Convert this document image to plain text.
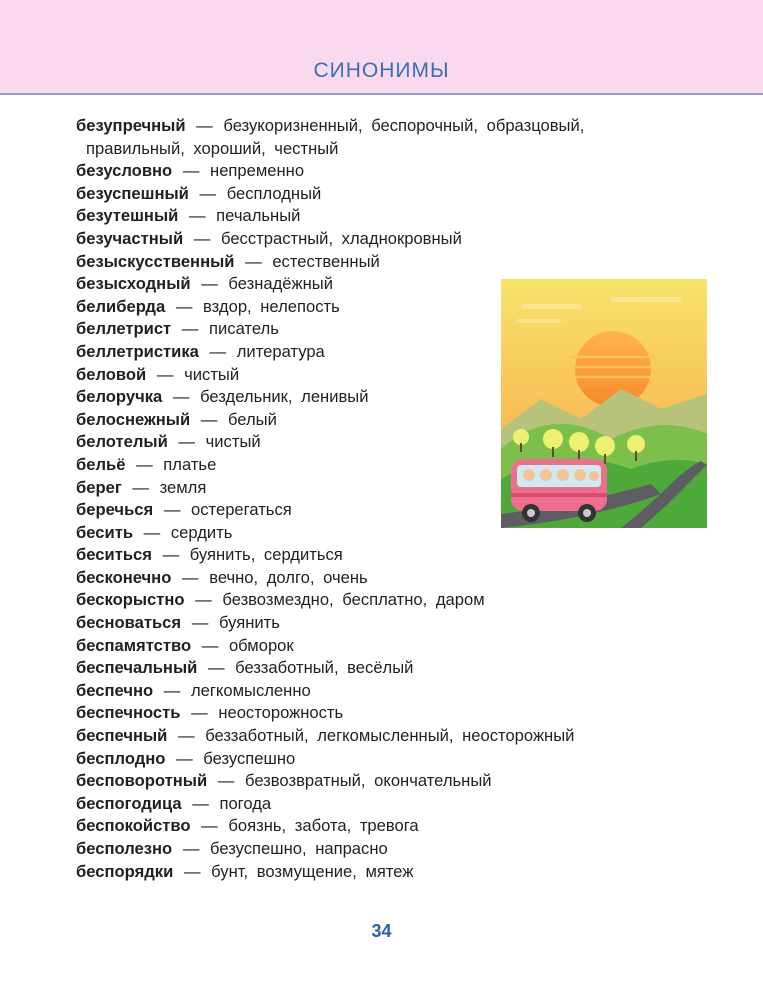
СИНОНИМЫ
безупречный — безукоризненный, беспорочный, образцовый,
правильный, хороший, честный
безусловно — непременно
безуспешный — бесплодный
безутешный — печальный
безучастный — бесстрастный, хладнокровный
безыскусственный — естественный
безысходный — безнадёжный
белиберда — вздор, нелепость
беллетрист — писатель
беллетристика — литература
беловой — чистый
белоручка — бездельник, ленивый
белоснежный — белый
белотелый — чистый
бельё — платье
берег — земля
беречься — остерегаться
бесить — сердить
беситься — буянить, сердиться
бесконечно — вечно, долго, очень
бескорыстно — безвозмездно, бесплатно, даром
бесноваться — буянить
беспамятство — обморок
беспечальный — беззаботный, весёлый
беспечно — легкомысленно
беспечность — неосторожность
беспечный — беззаботный, легкомысленный, неосторожный
бесплодно — безуспешно
бесповоротный — безвозвратный, окончательный
беспогодица — погода
беспокойство — боязнь, забота, тревога
бесполезно — безуспешно, напрасно
беспорядки — бунт, возмущение, мятеж
34
